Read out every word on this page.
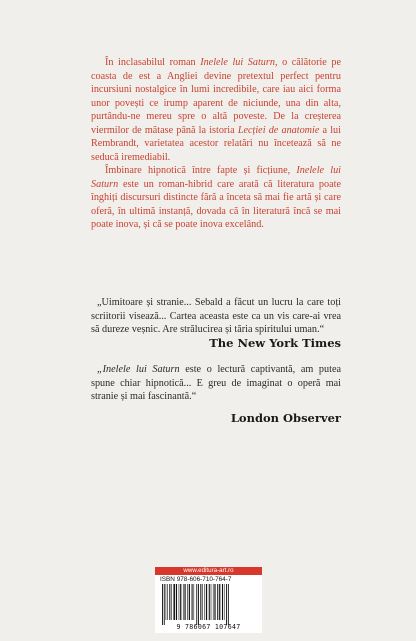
În inclasabilul roman Inelele lui Saturn, o călătorie pe coasta de est a Angliei devine pretextul perfect pentru incursiuni nostalgice în lumi incredibile, care iau aici forma unor povești ce irump aparent de niciunde, una din alta, purtându-ne mereu spre o altă poveste. De la creșterea viermilor de mătase până la istoria Lecției de anatomie a lui Rembrandt, varietatea acestor relatări nu încetează să ne seducă iremediabil.

Îmbinare hipnotică între fapte și ficțiune, Inelele lui Saturn este un roman-hibrid care arată că literatura poate înghiți discursuri distincte fără a înceta să mai fie artă și care oferă, în ultimă instanță, dovada că în literatură încă se mai poate inova, și că se poate inova excelând.

„Uimitoare și stranie... Sebald a făcut un lucru la care toți scriitorii visează... Cartea aceasta este ca un vis care-ai vrea să dureze veșnic. Are strălucirea și tăria spiritului uman.“

The New York Times

„Inelele lui Saturn este o lectură captivantă, am putea spune chiar hipnotică... E greu de imaginat o operă mai stranie și mai fascinantă.“

London Observer
www.editura-art.ro
ISBN 978-606-710-764-7
9 786067 107647
